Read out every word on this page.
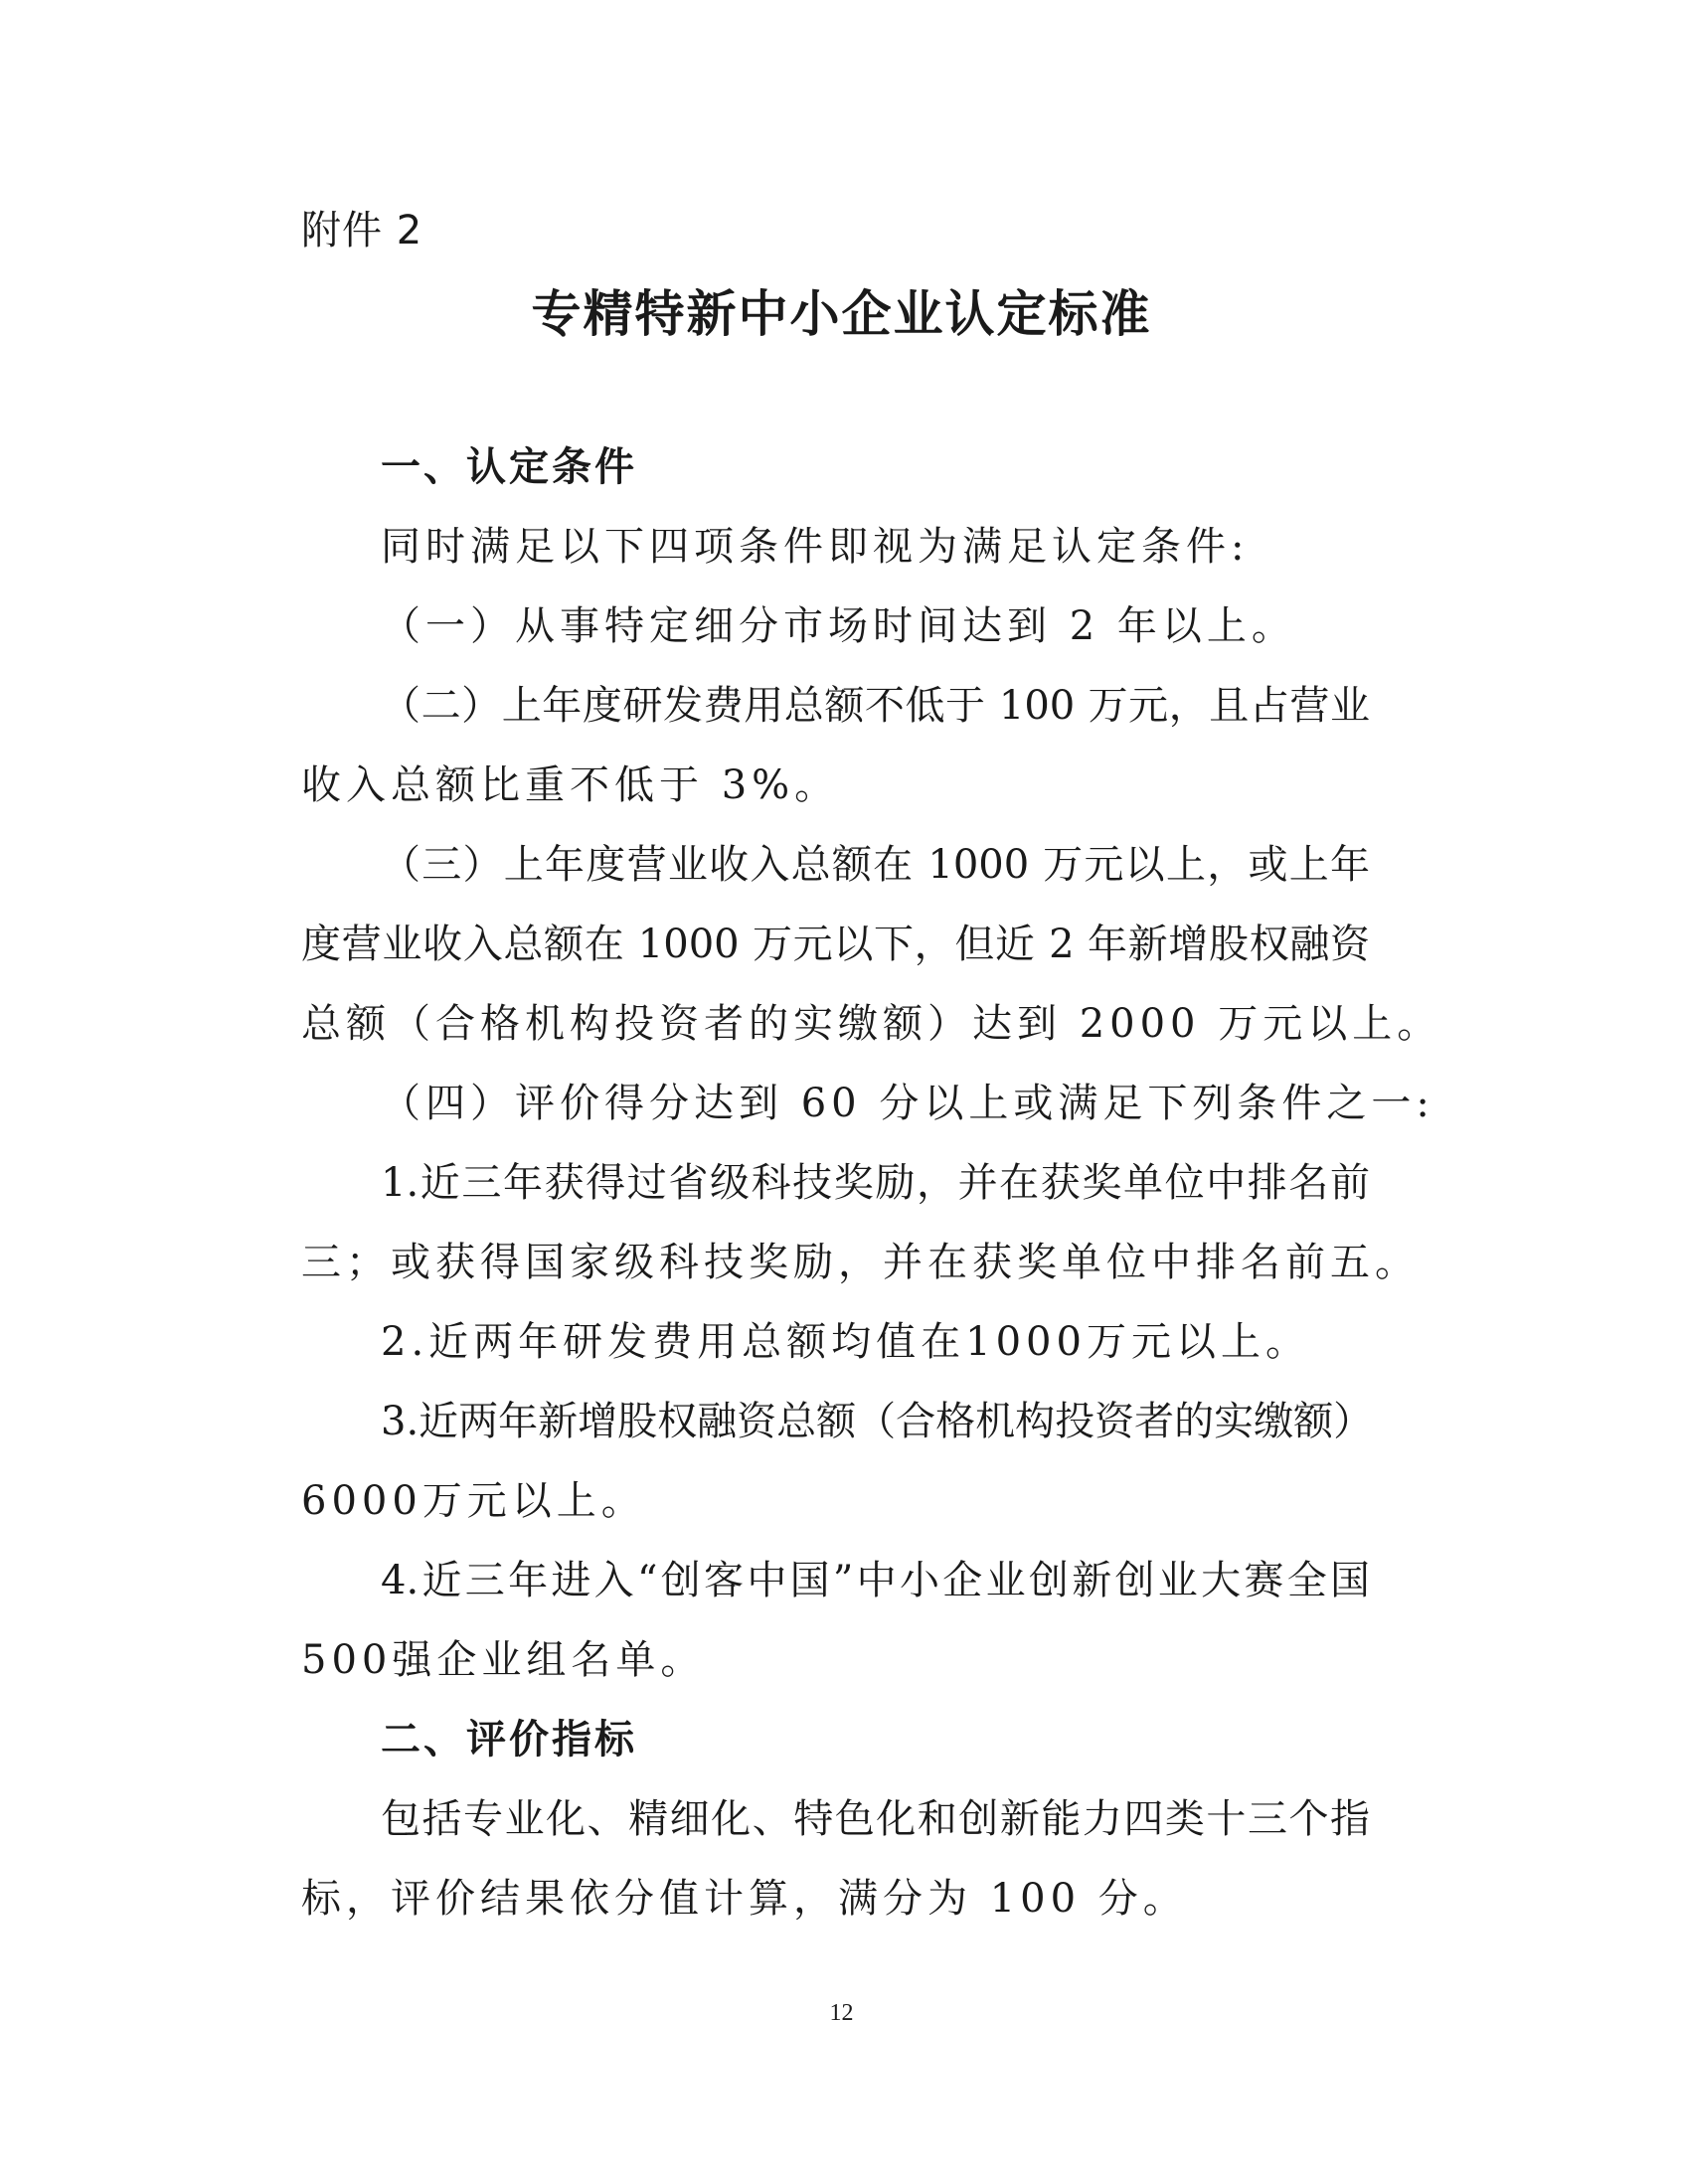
附件 2
专精特新中小企业认定标准
一、认定条件
同时满足以下四项条件即视为满足认定条件:
（一）从事特定细分市场时间达到 2 年以上。
（二）上年度研发费用总额不低于 100 万元，且占营业
收入总额比重不低于 3%。
（三）上年度营业收入总额在 1000 万元以上，或上年
度营业收入总额在 1000 万元以下，但近 2 年新增股权融资
总额（合格机构投资者的实缴额）达到 2000 万元以上。
（四）评价得分达到 60 分以上或满足下列条件之一:
1.近三年获得过省级科技奖励，并在获奖单位中排名前
三；或获得国家级科技奖励，并在获奖单位中排名前五。
2.近两年研发费用总额均值在1000万元以上。
3.近两年新增股权融资总额（合格机构投资者的实缴额）
6000万元以上。
4.近三年进入“创客中国”中小企业创新创业大赛全国
500强企业组名单。
二、评价指标
包括专业化、精细化、特色化和创新能力四类十三个指
标，评价结果依分值计算，满分为 100 分。
12
